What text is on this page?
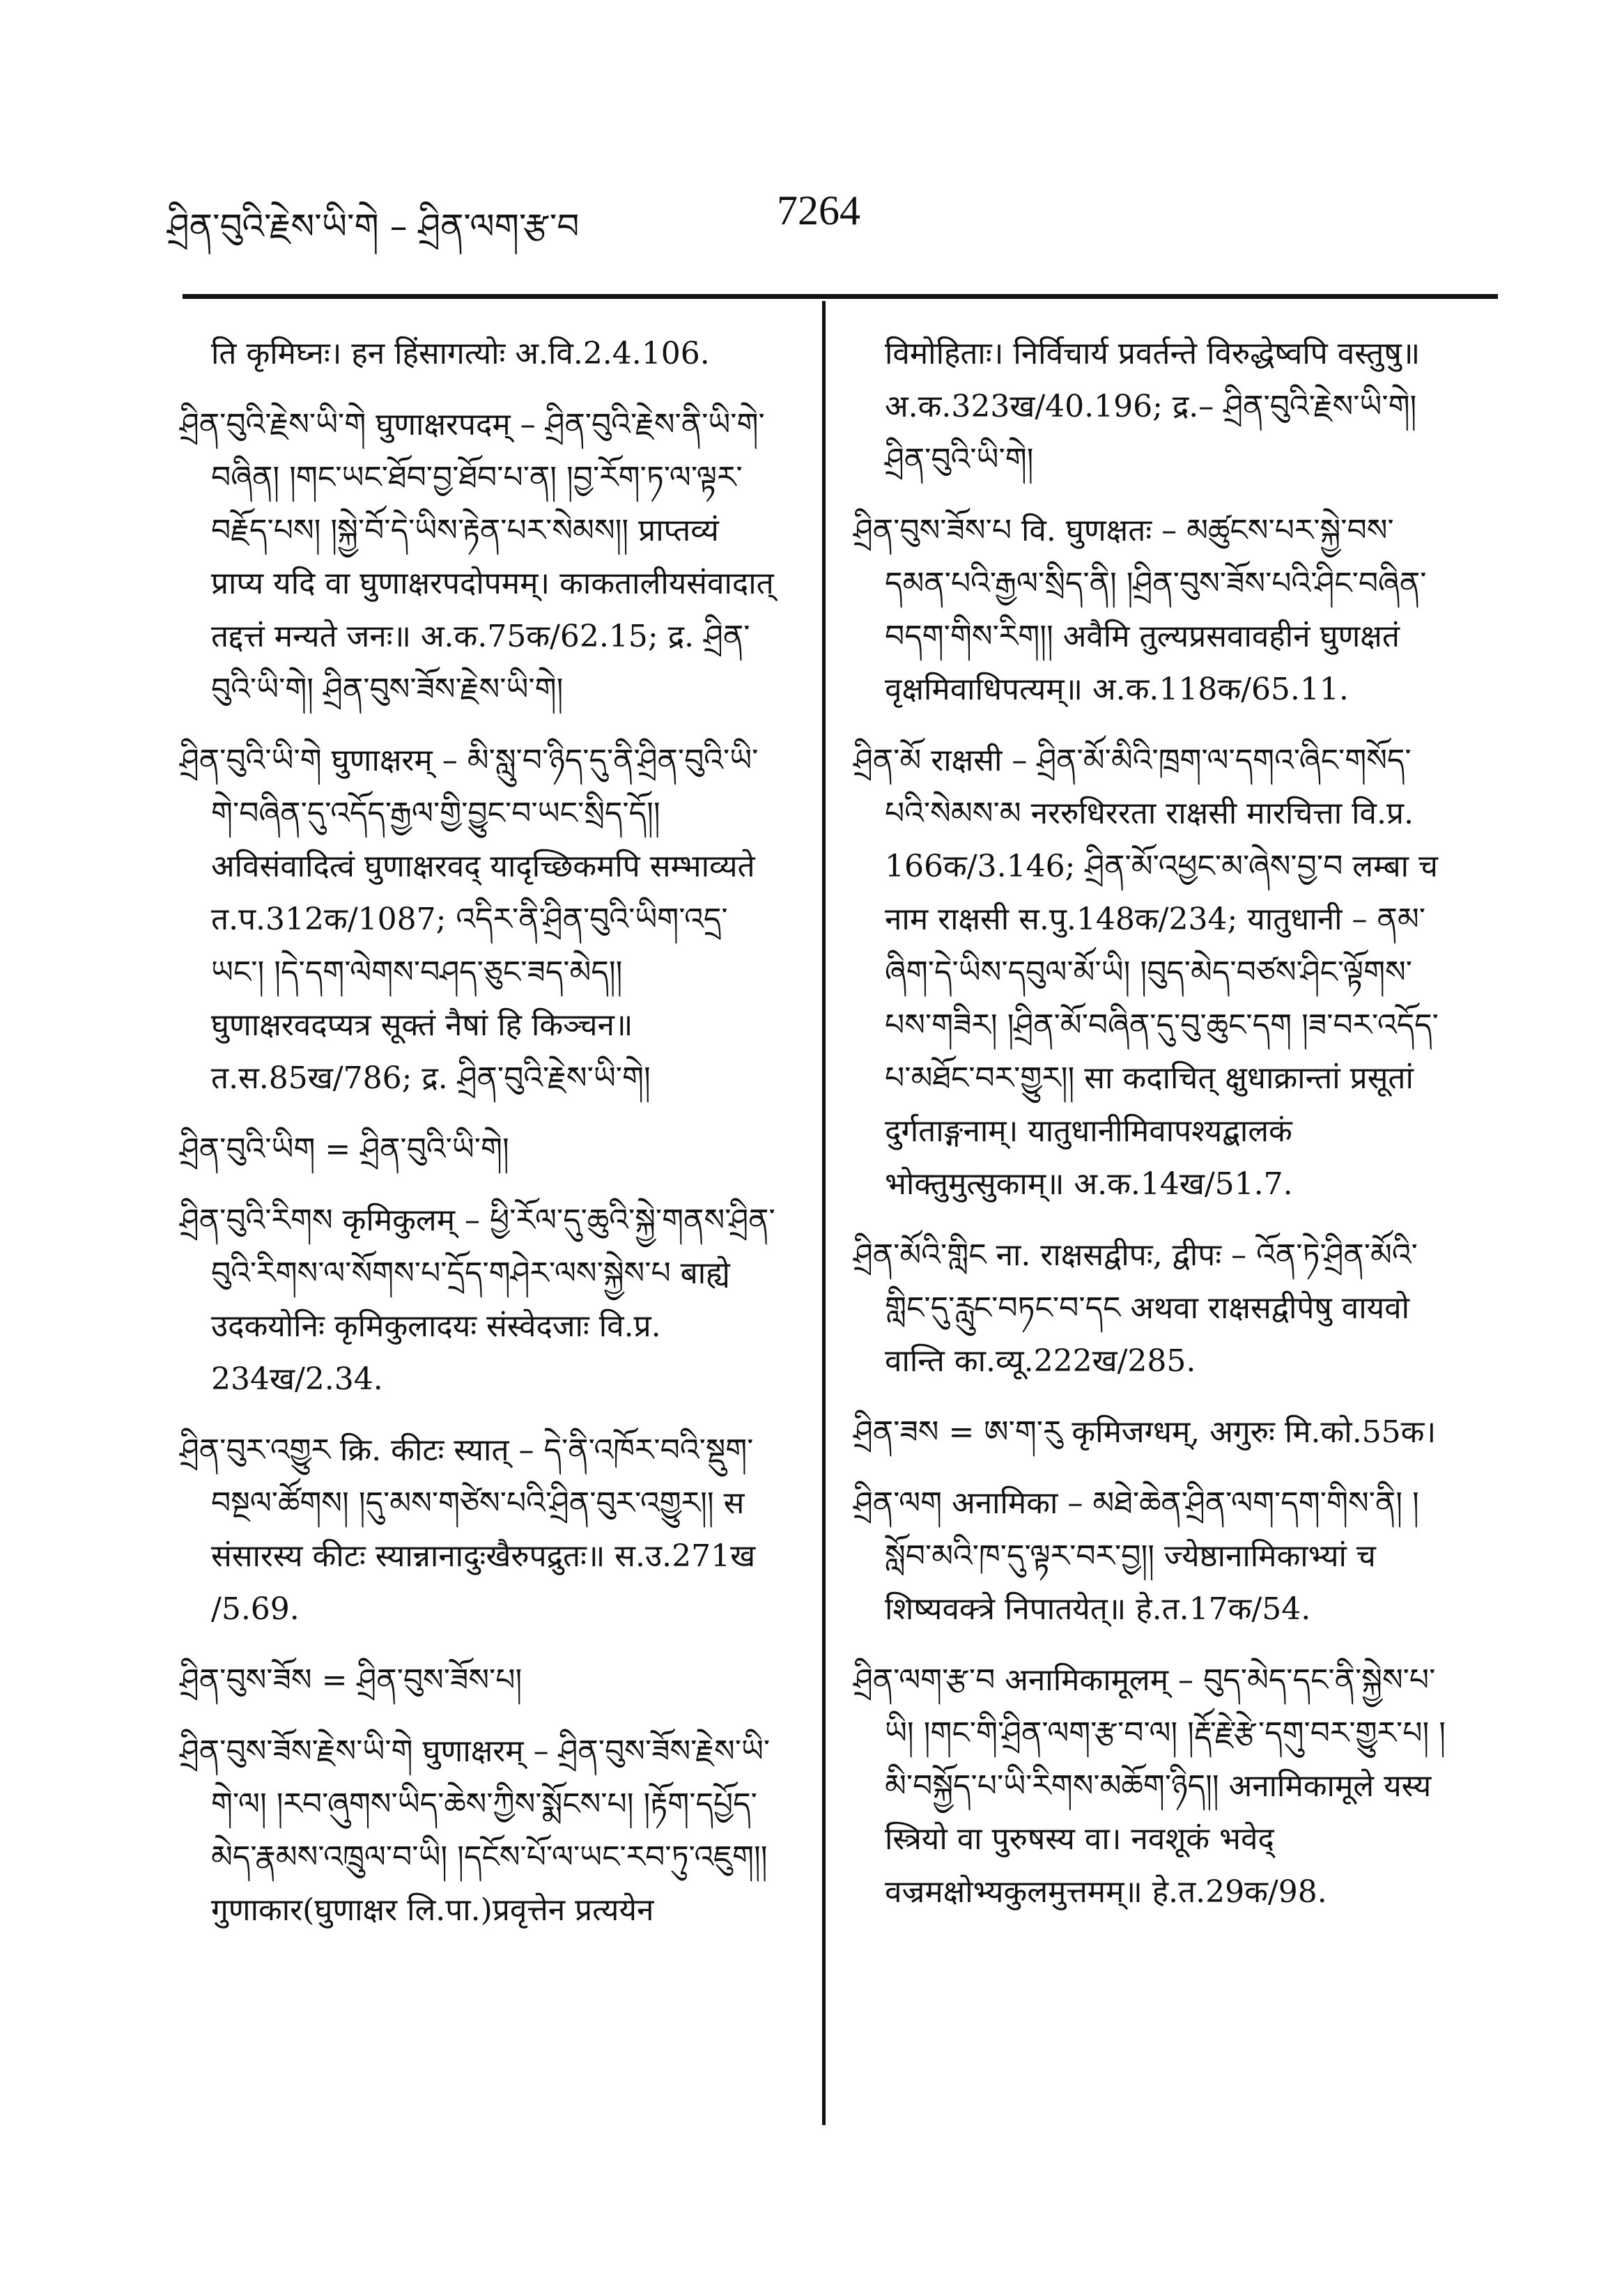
ཤྲིན་བུའི་རྗེས་ཡི་གེ – ཤྲིན་ལག་རྩ་བ	7264

ति कृमिघ्नः। हन हिंसागत्योः अ.वि.2.4.106.

ཤྲིན་བུའི་རྗེས་ཡི་གེ घुणाक्षरपदम् – ཤྲིན་བུའི་རྗེས་ནི་ཡི་གེ་བཞིན། །གང་ཡང་ཐོབ་བྱ་ཐོབ་པ་ན། །བྱ་རོག་ཏ་ལ་ལྟར་བརྗོད་པས། །སྐྱེ་བོ་དེ་ཡིས་རྟེན་པར་སེམས།། प्राप्तव्यं प्राप्य यदि वा घुणाक्षरपदोपमम्। काकतालीयसंवादात् तद्दत्तं मन्यते जनः॥ अ.क.75क/62.15; द्र. ཤྲིན་བུའི་ཡི་གེ། ཤྲིན་བུས་ཟོས་རྗེས་ཡི་གེ།

ཤྲིན་བུའི་ཡི་གེ घुणाक्षरम् – མི་སླུ་བ་ཉིད་དུ་ནི་ཤྲིན་བུའི་ཡི་གེ་བཞིན་དུ་འདོད་རྒྱལ་གྱི་བྱུང་བ་ཡང་སྲིད་དོ།། अविसंवादित्वं घुणाक्षरवद् यादृच्छिकमपि सम्भाव्यते त.प.312क/1087; འདིར་ནི་ཤྲིན་བུའི་ཡིག་འདྲ་ཡང་། །དེ་དག་ལེགས་བཤད་ཅུང་ཟད་མེད།། घुणाक्षरवदप्यत्र सूक्तं नैषां हि किञ्चन॥ त.स.85ख/786; द्र. ཤྲིན་བུའི་རྗེས་ཡི་གེ།

ཤྲིན་བུའི་ཡིག = ཤྲིན་བུའི་ཡི་གེ།

ཤྲིན་བུའི་རིགས कृमिकुलम् – ཕྱི་རོལ་དུ་ཆུའི་སྐྱེ་གནས་ཤྲིན་བུའི་རིགས་ལ་སོགས་པ་དྲོད་གཤེར་ལས་སྐྱེས་པ बाह्ये उदकयोनिः कृमिकुलादयः संस्वेदजाः वि.प्र. 234ख/2.34.

ཤྲིན་བུར་འགྱུར क्रि. कीटः स्यात् – དེ་ནི་འཁོར་བའི་སྡུག་བསྔལ་ཚོགས། །དུ་མས་གཙེས་པའི་ཤྲིན་བུར་འགྱུར།། स संसारस्य कीटः स्यान्नानादुःखैरुपद्रुतः॥ स.उ.271ख /5.69.

ཤྲིན་བུས་ཟོས = ཤྲིན་བུས་ཟོས་པ།

ཤྲིན་བུས་ཟོས་རྗེས་ཡི་གེ घुणाक्षरम् – ཤྲིན་བུས་ཟོས་རྗེས་ཡི་གེ་ལ། །རབ་ཞུགས་ཡིད་ཆེས་ཀྱིས་སྨོངས་པ། །རྟོག་དཔྱོད་མེད་རྣམས་འཁྲུལ་བ་ཡི། །དངོས་པོ་ལ་ཡང་རབ་ཏུ་འཇུག།། गुणाकार(घुणाक्षर लि.पा.)प्रवृत्तेन प्रत्ययेन

विमोहिताः। निर्विचार्य प्रवर्तन्ते विरुद्धेष्वपि वस्तुषु॥ अ.क.323ख/40.196; द्र.– ཤྲིན་བུའི་རྗེས་ཡི་གེ། ཤྲིན་བུའི་ཡི་གེ།

ཤྲིན་བུས་ཟོས་པ वि. घुणक्षतः – མཚུངས་པར་སྐྱེ་བས་དམན་པའི་རྒྱལ་སྲིད་ནི། །ཤྲིན་བུས་ཟོས་པའི་ཤིང་བཞིན་བདག་གིས་རིག།། अवैमि तुल्यप्रसवावहीनं घुणक्षतं वृक्षमिवाधिपत्यम्॥ अ.क.118क/65.11.

ཤྲིན་མོ राक्षसी – ཤྲིན་མོ་མིའི་ཁྲག་ལ་དགའ་ཞིང་གསོད་པའི་སེམས་མ नररुधिररता राक्षसी मारचित्ता वि.प्र. 166क/3.146; ཤྲིན་མོ་འཕྱང་མ་ཞེས་བྱ་བ लम्बा च नाम राक्षसी स.पु.148क/234; यातुधानी – ནམ་ཞིག་དེ་ཡིས་དབུལ་མོ་ཡི། །བུད་མེད་བཙས་ཤིང་ལྟོགས་པས་གཟིར། །ཤྲིན་མོ་བཞིན་དུ་བུ་ཆུང་དག །ཟ་བར་འདོད་པ་མཐོང་བར་གྱུར།། सा कदाचित् क्षुधाक्रान्तां प्रसूतां दुर्गताङ्गनाम्। यातुधानीमिवापश्यद्बालकं भोक्तुमुत्सुकाम्॥ अ.क.14ख/51.7.

ཤྲིན་མོའི་གླིང ना. राक्षसद्वीपः, द्वीपः – འོན་ཏེ་ཤྲིན་མོའི་གླིང་དུ་རླུང་བཏང་བ་དང अथवा राक्षसद्वीपेषु वायवो वान्ति का.व्यू.222ख/285.

ཤྲིན་ཟས = ཨ་ག་རུ कृमिजग्धम्, अगुरुः मि.को.55क।

ཤྲིན་ལག अनामिका – མཐེ་ཆེན་ཤྲིན་ལག་དག་གིས་ནི། །སློབ་མའི་ཁ་དུ་ལྟར་བར་བྱ།། ज्येष्ठानामिकाभ्यां च शिष्यवक्त्रे निपातयेत्॥ हे.त.17क/54.

ཤྲིན་ལག་རྩ་བ अनामिकामूलम् – བུད་མེད་དང་ནི་སྐྱེས་པ་ཡི། །གང་གི་ཤྲིན་ལག་རྩ་བ་ལ། །རྡོ་རྗེ་རྩེ་དགུ་བར་གྱུར་པ། །མི་བསྐྱོད་པ་ཡི་རིགས་མཆོག་ཉིད།། अनामिकामूले यस्य स्त्रियो वा पुरुषस्य वा। नवशूकं भवेद् वज्रमक्षोभ्यकुलमुत्तमम्॥ हे.त.29क/98.
